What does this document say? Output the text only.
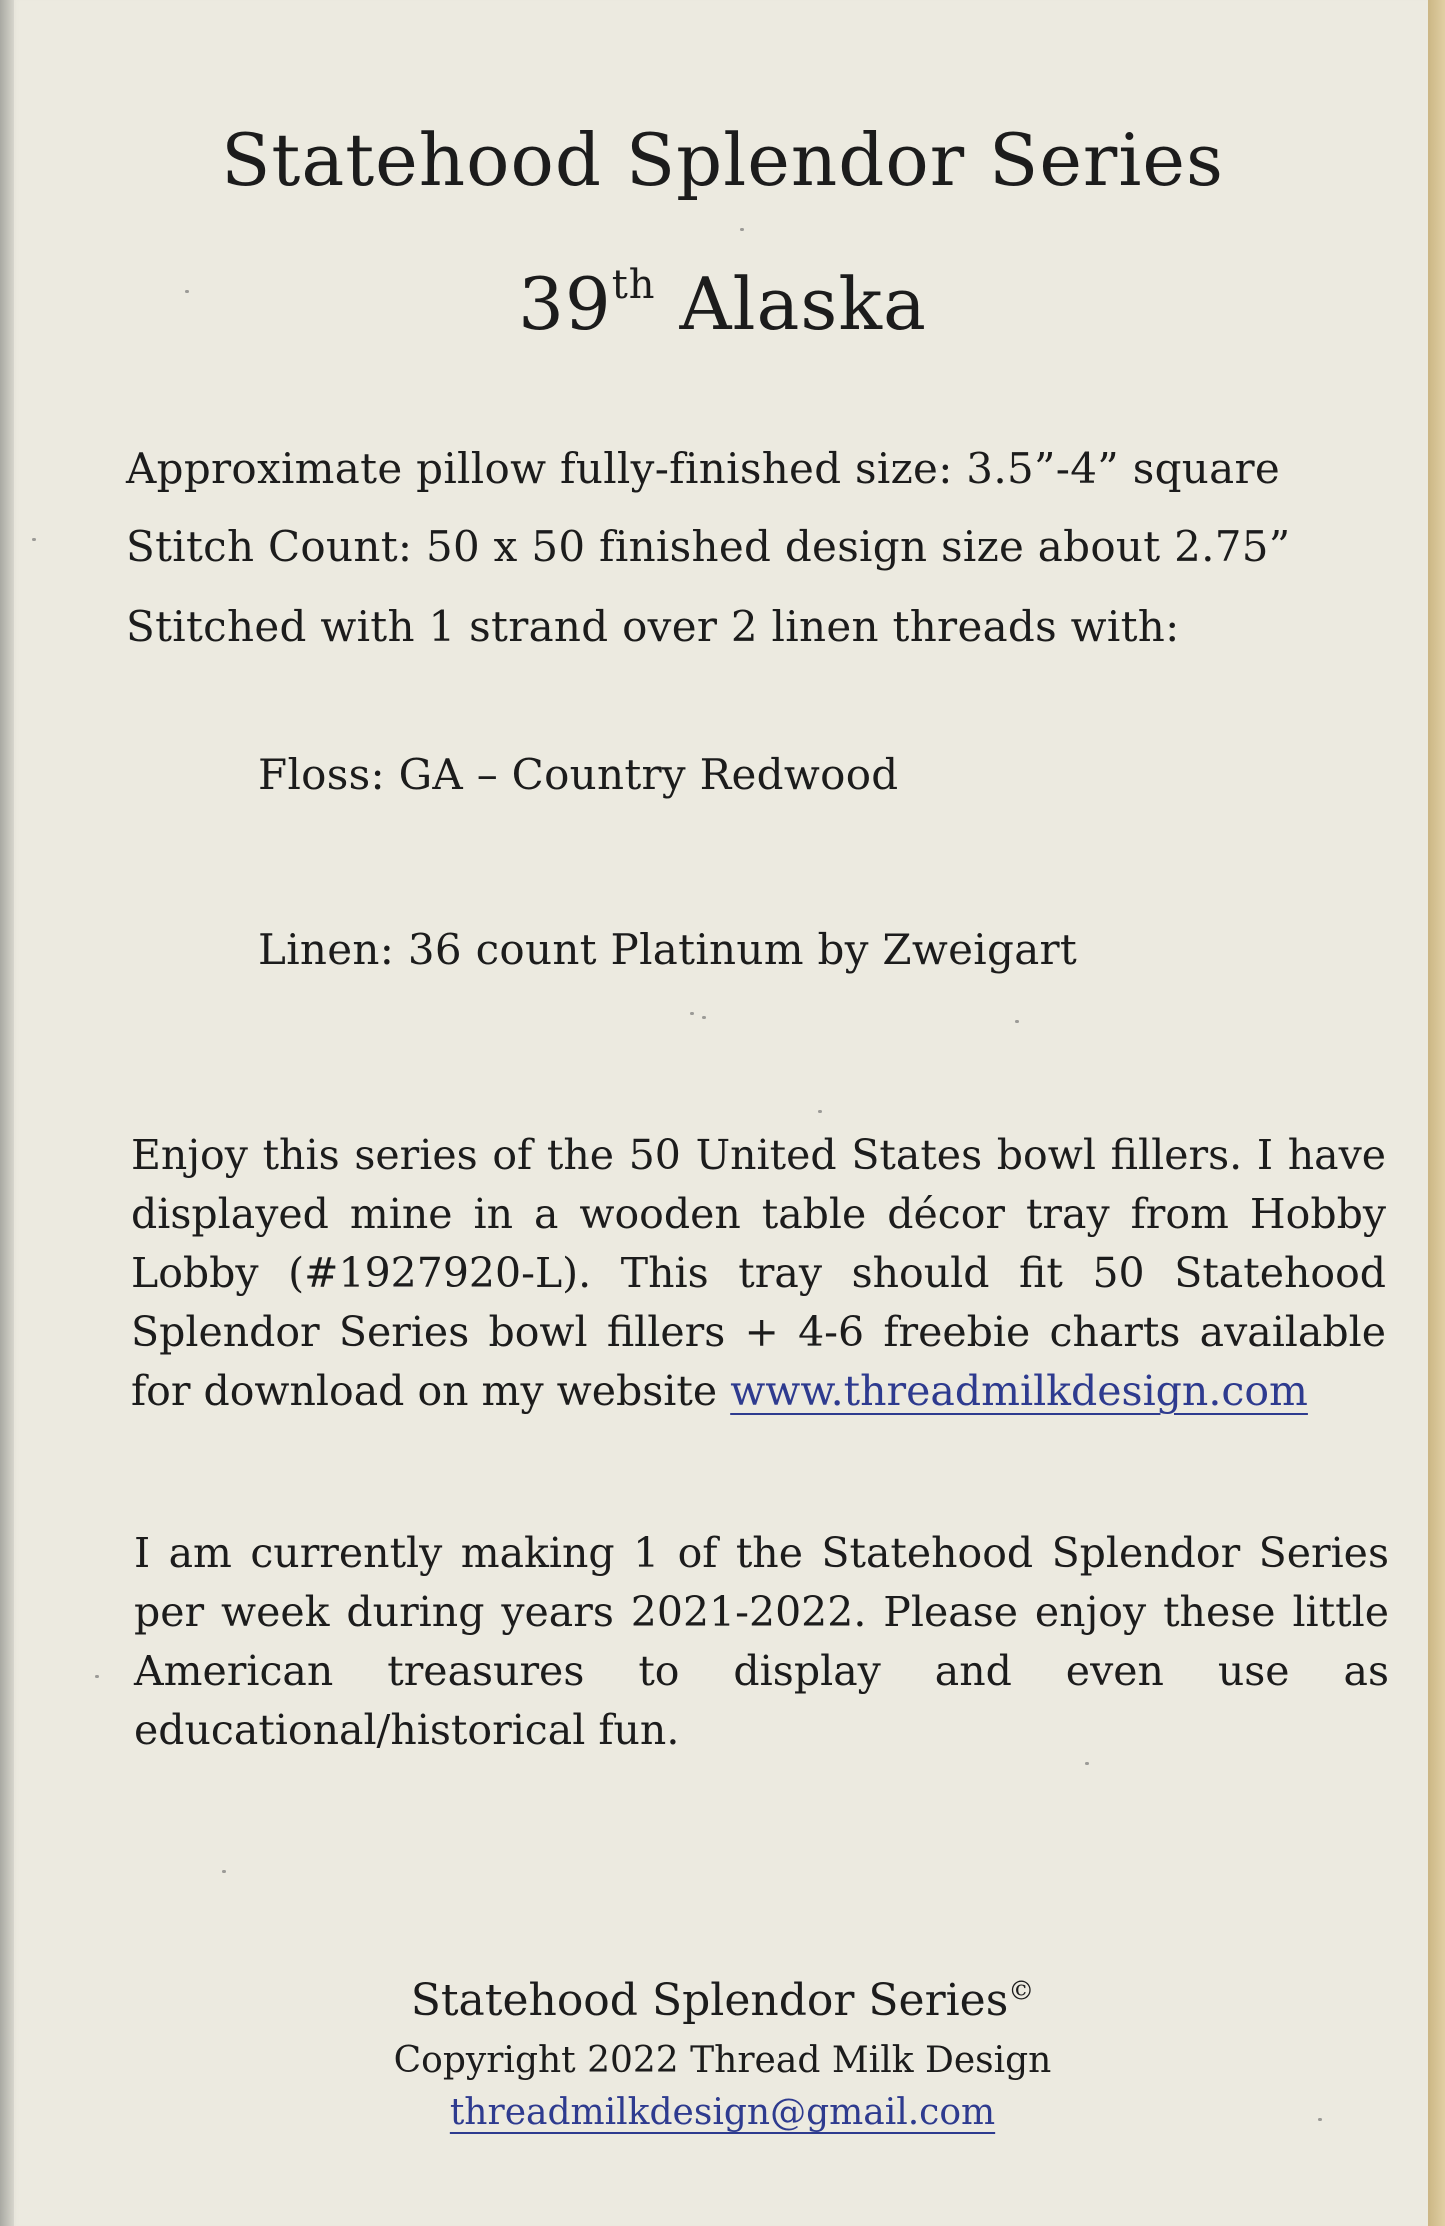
Statehood Splendor Series
39th Alaska
Approximate pillow fully-finished size: 3.5”-4” square
Stitch Count: 50 x 50 finished design size about 2.75”
Stitched with 1 strand over 2 linen threads with:
Floss: GA – Country Redwood
Linen: 36 count Platinum by Zweigart
Enjoy this series of the 50 United States bowl fillers. I have displayed mine in a wooden table décor tray from Hobby Lobby (#1927920-L). This tray should fit 50 Statehood Splendor Series bowl fillers + 4-6 freebie charts available for download on my website www.threadmilkdesign.com
I am currently making 1 of the Statehood Splendor Series per week during years 2021-2022. Please enjoy these little American treasures to display and even use as educational/historical fun.
Statehood Splendor Series©
Copyright 2022 Thread Milk Design
threadmilkdesign@gmail.com
